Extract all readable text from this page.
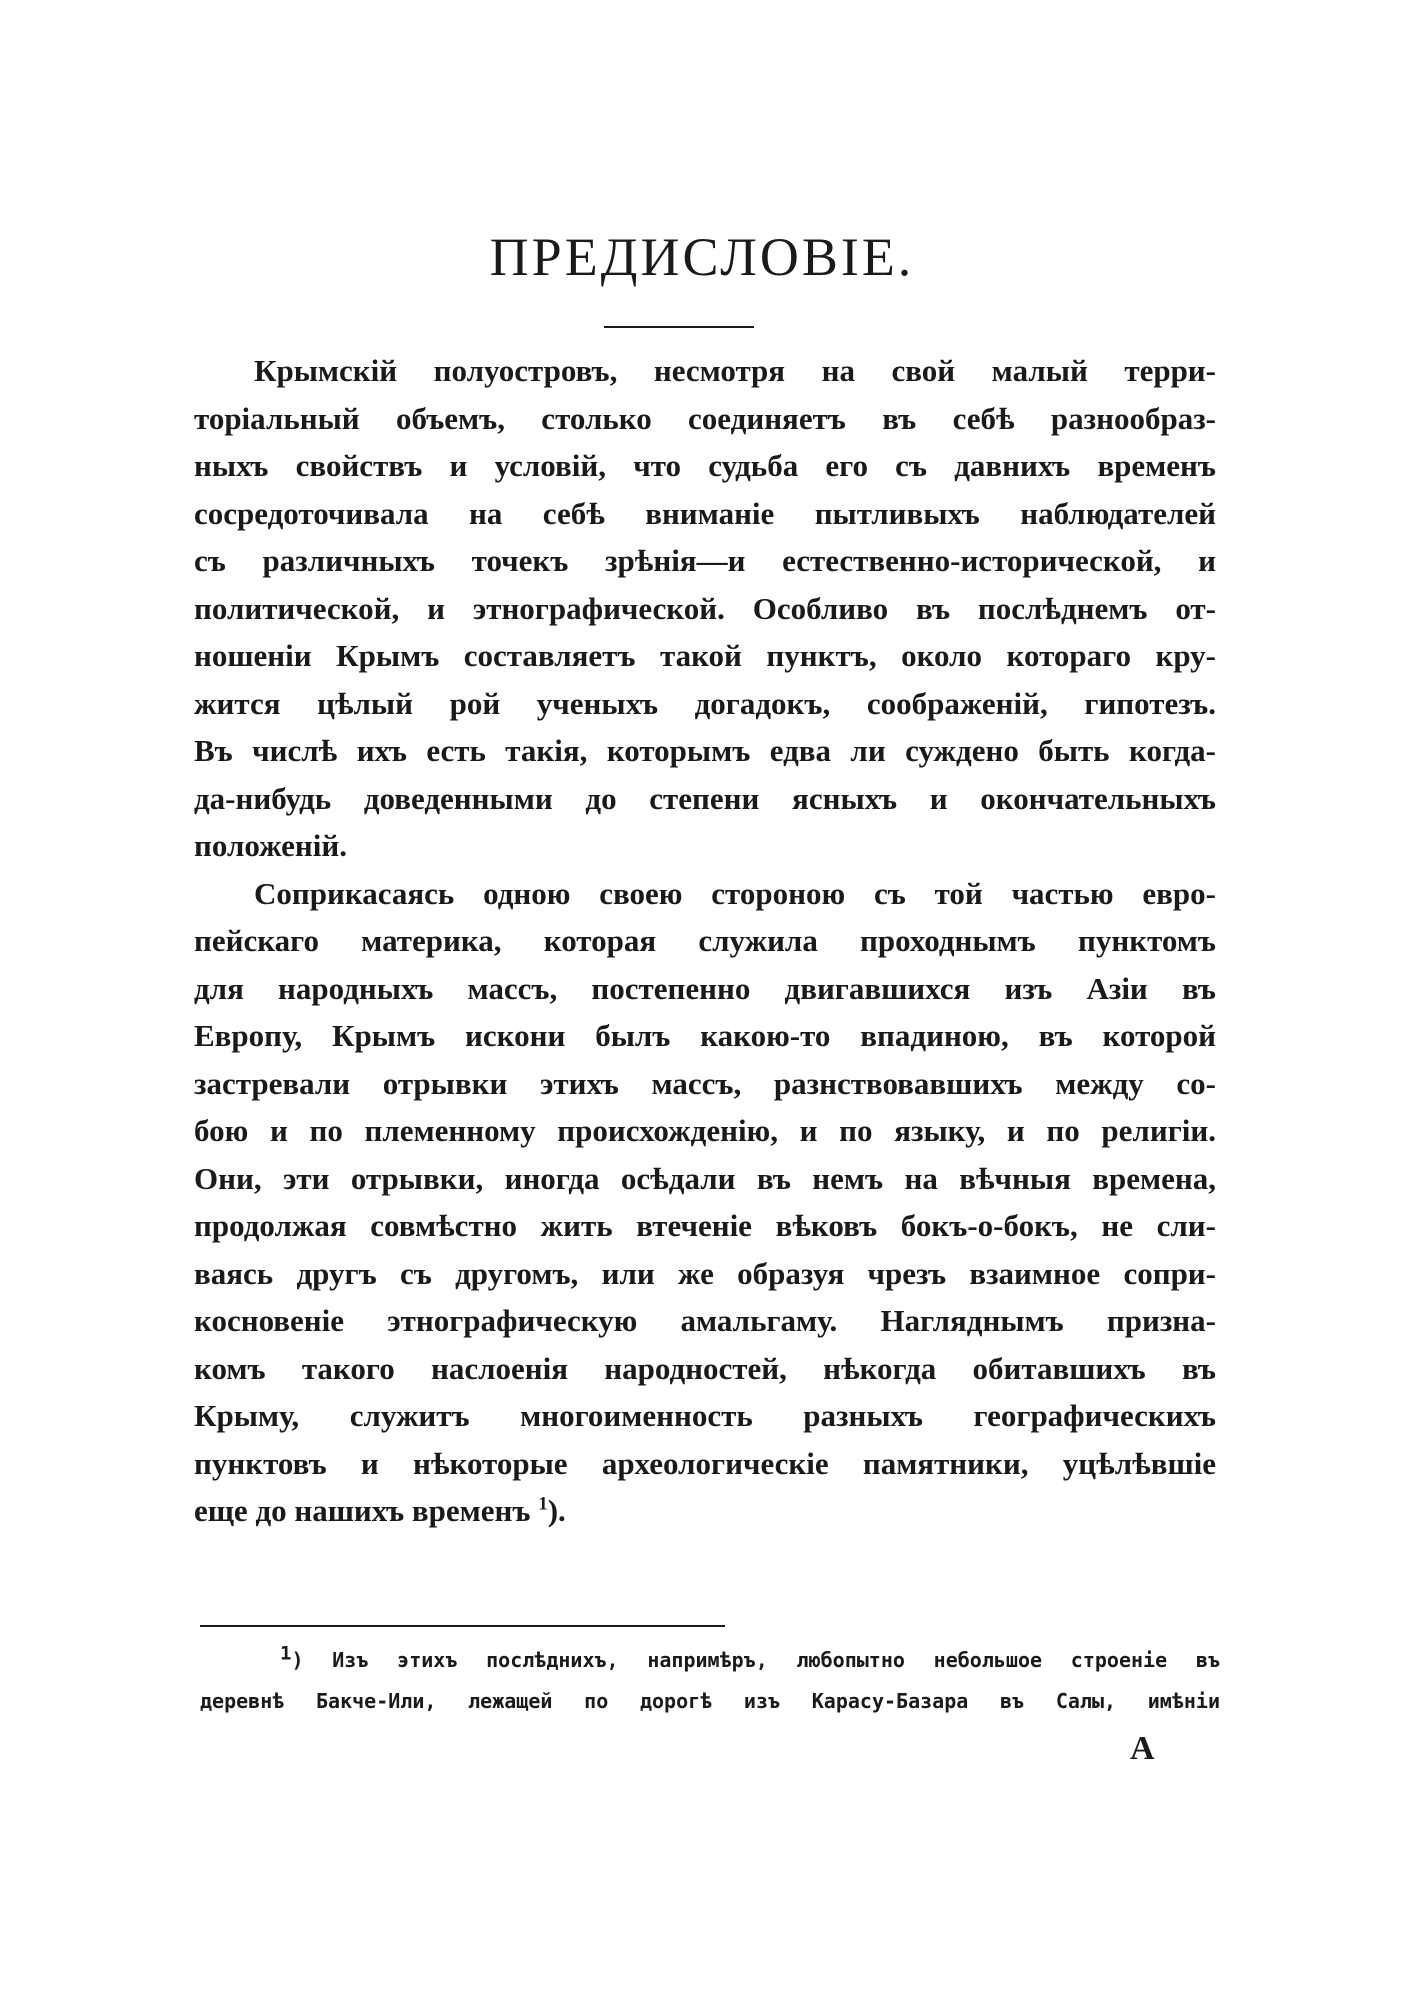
ПРЕДИСЛОВІЕ.
Крымскій полуостровъ, несмотря на свой малый терри-
торіальный объемъ, столько соединяетъ въ себѣ разнообраз-
ныхъ свойствъ и условій, что судьба его съ давнихъ временъ
сосредоточивала на себѣ вниманіе пытливыхъ наблюдателей
съ различныхъ точекъ зрѣнія—и естественно-исторической, и
политической, и этнографической. Особливо въ послѣднемъ от-
ношеніи Крымъ составляетъ такой пунктъ, около котораго кру-
жится цѣлый рой ученыхъ догадокъ, соображеній, гипотезъ.
Въ числѣ ихъ есть такія, которымъ едва ли суждено быть когда-
да-нибудь доведенными до степени ясныхъ и окончательныхъ
положеній.
Соприкасаясь одною своею стороною съ той частью евро-
пейскаго материка, которая служила проходнымъ пунктомъ
для народныхъ массъ, постепенно двигавшихся изъ Азіи въ
Европу, Крымъ искони былъ какою-то впадиною, въ которой
застревали отрывки этихъ массъ, разнствовавшихъ между со-
бою и по племенному происхожденію, и по языку, и по религіи.
Они, эти отрывки, иногда осѣдали въ немъ на вѣчныя времена,
продолжая совмѣстно жить втеченіе вѣковъ бокъ-о-бокъ, не сли-
ваясь другъ съ другомъ, или же образуя чрезъ взаимное сопри-
косновеніе этнографическую амальгаму. Нагляднымъ призна-
комъ такого наслоенія народностей, нѣкогда обитавшихъ въ
Крыму, служитъ многоименность разныхъ географическихъ
пунктовъ и нѣкоторые археологическіе памятники, уцѣлѣвшіе
еще до нашихъ временъ $^1$).
1) Изъ этихъ послѣднихъ, напримѣръ, любопытно небольшое строеніе въ
деревнѣ Бакче-Или, лежащей по дорогѣ изъ Карасу-Базара въ Салы, имѣніи
А
